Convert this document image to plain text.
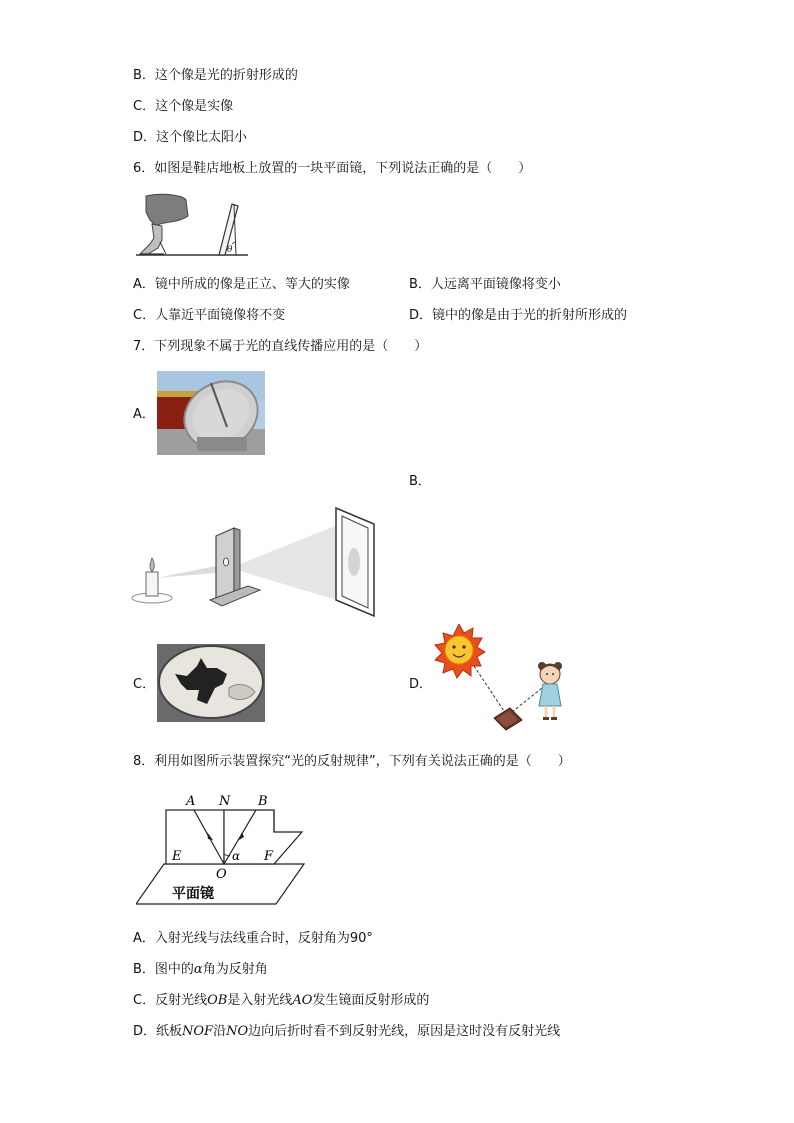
B．这个像是光的折射形成的
C．这个像是实像
D．这个像比太阳小
6．如图是鞋店地板上放置的一块平面镜，下列说法正确的是（　　）
θ
A．镜中所成的像是正立、等大的实像	B．人远离平面镜像将变小
C．人靠近平面镜像将不变	D．镜中的像是由于光的折射所形成的
7．下列现象不属于光的直线传播应用的是（　　）
A．
B．
C．	D．
8．利用如图所示装置探究“光的反射规律”，下列有关说法正确的是（　　）
A N B
E	F
α
O
平面镜
A．入射光线与法线重合时，反射角为90°
B．图中的α角为反射角
C．反射光线OB是入射光线AO发生镜面反射形成的
D．纸板NOF沿NO边向后折时看不到反射光线，原因是这时没有反射光线
